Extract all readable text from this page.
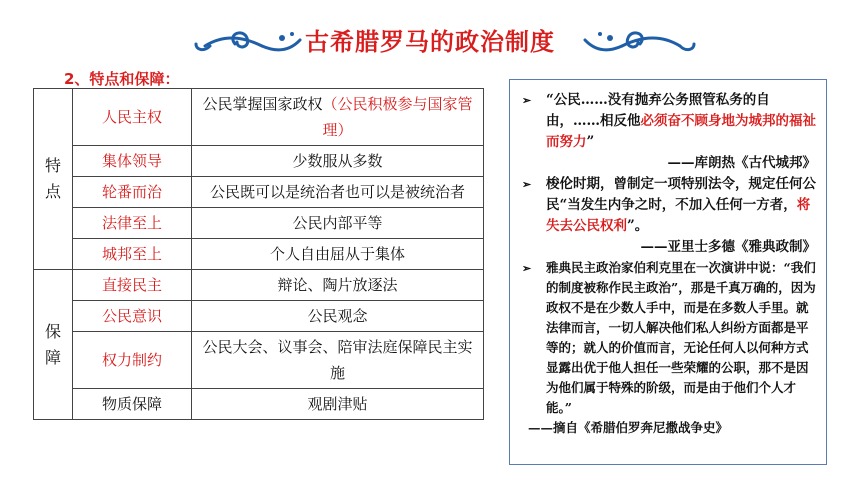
古希腊罗马的政治制度
2、特点和保障：
特点	人民主权	公民掌握国家政权（公民积极参与国家管理）
	集体领导	少数服从多数
	轮番而治	公民既可以是统治者也可以是被统治者
	法律至上	公民内部平等
	城邦至上	个人自由屈从于集体
保障	直接民主	辩论、陶片放逐法
	公民意识	公民观念
	权力制约	公民大会、议事会、陪审法庭保障民主实施
	物质保障	观剧津贴
➢ “公民……没有抛弃公务照管私务的自由，……相反他必须奋不顾身地为城邦的福祉而努力”
——库朗热《古代城邦》
➢ 梭伦时期，曾制定一项特别法令，规定任何公民“当发生内争之时，不加入任何一方者，将失去公民权利”。
——亚里士多德《雅典政制》
➢ 雅典民主政治家伯利克里在一次演讲中说：“我们的制度被称作民主政治”，那是千真万确的，因为政权不是在少数人手中，而是在多数人手里。就法律而言，一切人解决他们私人纠纷方面都是平等的；就人的价值而言，无论任何人以何种方式显露出优于他人担任一些荣耀的公职，那不是因为他们属于特殊的阶级，而是由于他们个人才能。”
——摘自《希腊伯罗奔尼撒战争史》
